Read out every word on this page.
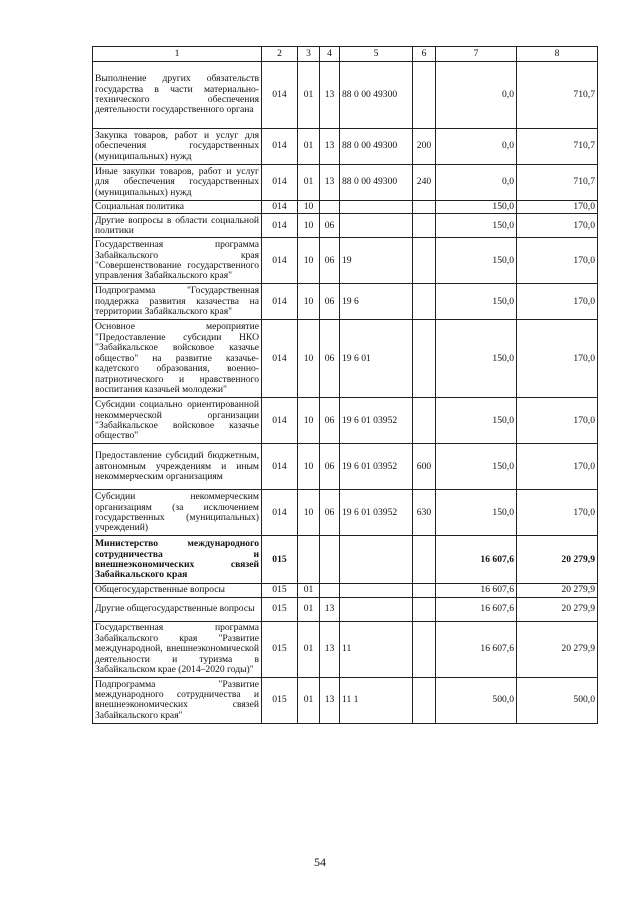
1	2	3	4	5	6	7	8
Выполнение других обязательств государства в части материально-технического обеспечения деятельности государственного органа	014	01	13	88 0 00 49300		0,0	710,7
Закупка товаров, работ и услуг для обеспечения государственных (муниципальных) нужд	014	01	13	88 0 00 49300	200	0,0	710,7
Иные закупки товаров, работ и услуг для обеспечения государственных (муниципальных) нужд	014	01	13	88 0 00 49300	240	0,0	710,7
Социальная политика	014	10				150,0	170,0
Другие вопросы в области социальной политики	014	10	06			150,0	170,0
Государственная программа Забайкальского края "Совершенствование государственного управления Забайкальского края"	014	10	06	19		150,0	170,0
Подпрограмма "Государственная поддержка развития казачества на территории Забайкальского края"	014	10	06	19 6		150,0	170,0
Основное мероприятие "Предоставление субсидии НКО "Забайкальское войсковое казачье общество" на развитие казачье-кадетского образования, военно-патриотического и нравственного воспитания казачьей молодежи"	014	10	06	19 6 01		150,0	170,0
Субсидии социально ориентированной некоммерческой организации "Забайкальское войсковое казачье общество"	014	10	06	19 6 01 03952		150,0	170,0
Предоставление субсидий бюджетным, автономным учреждениям и иным некоммерческим организациям	014	10	06	19 6 01 03952	600	150,0	170,0
Субсидии некоммерческим организациям (за исключением государственных (муниципальных) учреждений)	014	10	06	19 6 01 03952	630	150,0	170,0
Министерство международного сотрудничества и внешнеэкономических связей Забайкальского края	015					16 607,6	20 279,9
Общегосударственные вопросы	015	01				16 607,6	20 279,9
Другие общегосударственные вопросы	015	01	13			16 607,6	20 279,9
Государственная программа Забайкальского края "Развитие международной, внешнеэкономической деятельности и туризма в Забайкальском крае (2014–2020 годы)"	015	01	13	11		16 607,6	20 279,9
Подпрограмма "Развитие международного сотрудничества и внешнеэкономических связей Забайкальского края"	015	01	13	11 1		500,0	500,0
54
